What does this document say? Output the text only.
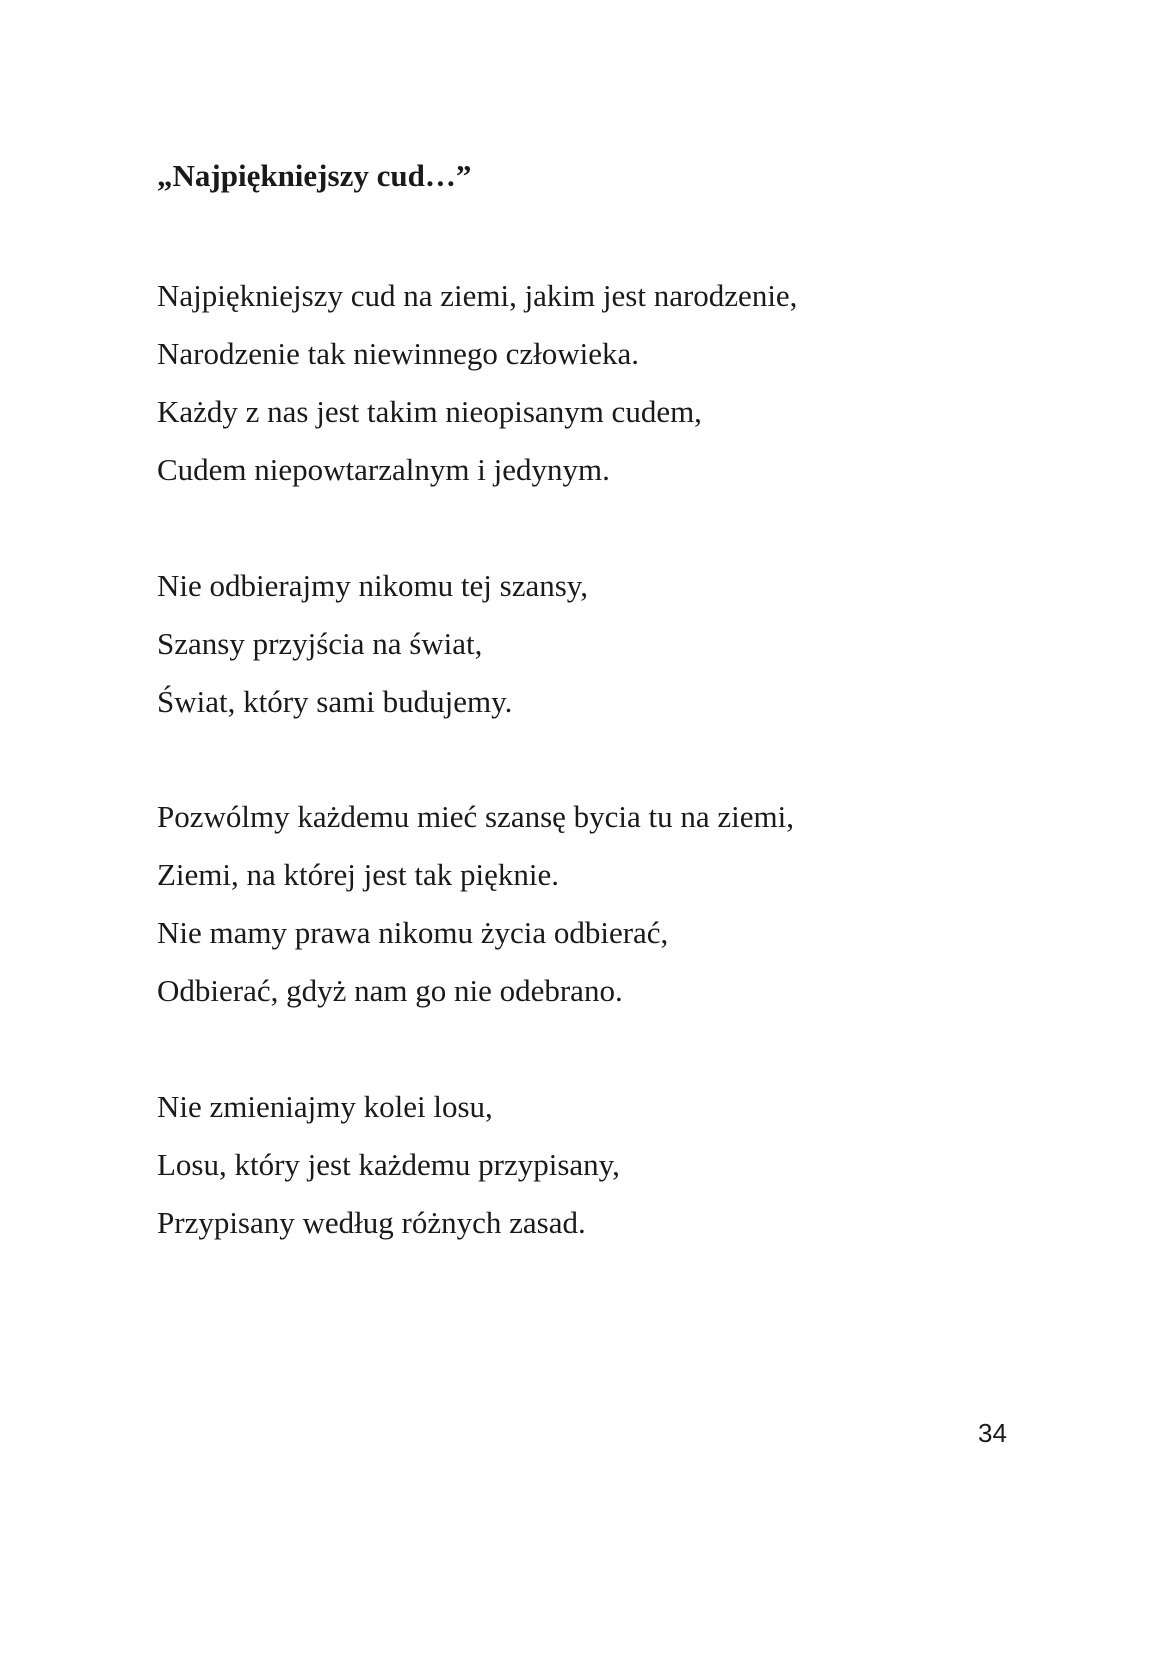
„Najpiękniejszy cud…”
Najpiękniejszy cud na ziemi, jakim jest narodzenie,
Narodzenie tak niewinnego człowieka.
Każdy z nas jest takim nieopisanym cudem,
Cudem niepowtarzalnym i jedynym.
Nie odbierajmy nikomu tej szansy,
Szansy przyjścia na świat,
Świat, który sami budujemy.
Pozwólmy każdemu mieć szansę bycia tu na ziemi,
Ziemi, na której jest tak pięknie.
Nie mamy prawa nikomu życia odbierać,
Odbierać, gdyż nam go nie odebrano.
Nie zmieniajmy kolei losu,
Losu, który jest każdemu przypisany,
Przypisany według różnych zasad.
34
